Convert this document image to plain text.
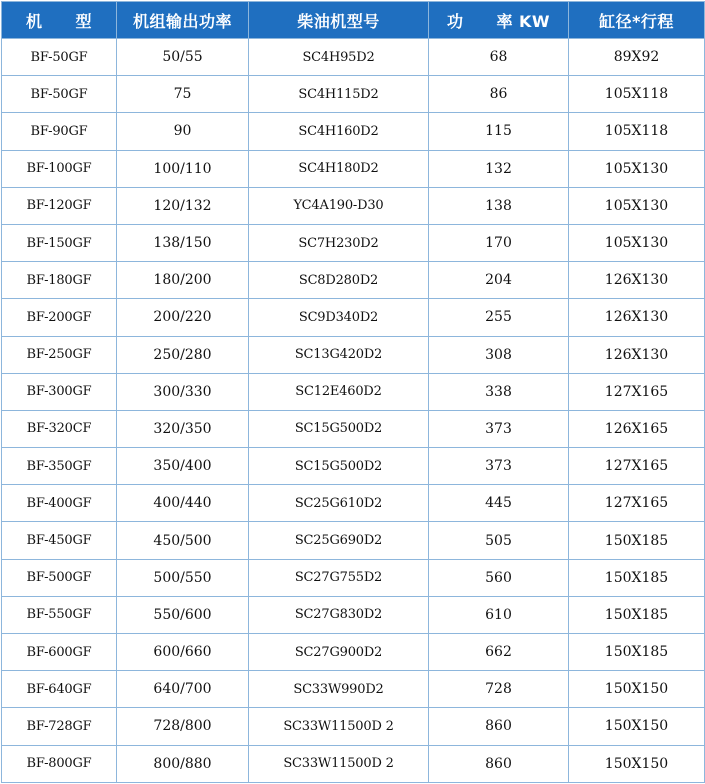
机　　型	机组输出功率	柴油机型号	功　　率 KW	缸径*行程
BF-50GF	50/55	SC4H95D2	68	89X92
BF-50GF	75	SC4H115D2	86	105X118
BF-90GF	90	SC4H160D2	115	105X118
BF-100GF	100/110	SC4H180D2	132	105X130
BF-120GF	120/132	YC4A190-D30	138	105X130
BF-150GF	138/150	SC7H230D2	170	105X130
BF-180GF	180/200	SC8D280D2	204	126X130
BF-200GF	200/220	SC9D340D2	255	126X130
BF-250GF	250/280	SC13G420D2	308	126X130
BF-300GF	300/330	SC12E460D2	338	127X165
BF-320CF	320/350	SC15G500D2	373	126X165
BF-350GF	350/400	SC15G500D2	373	127X165
BF-400GF	400/440	SC25G610D2	445	127X165
BF-450GF	450/500	SC25G690D2	505	150X185
BF-500GF	500/550	SC27G755D2	560	150X185
BF-550GF	550/600	SC27G830D2	610	150X185
BF-600GF	600/660	SC27G900D2	662	150X185
BF-640GF	640/700	SC33W990D2	728	150X150
BF-728GF	728/800	SC33W11500D 2	860	150X150
BF-800GF	800/880	SC33W11500D 2	860	150X150
